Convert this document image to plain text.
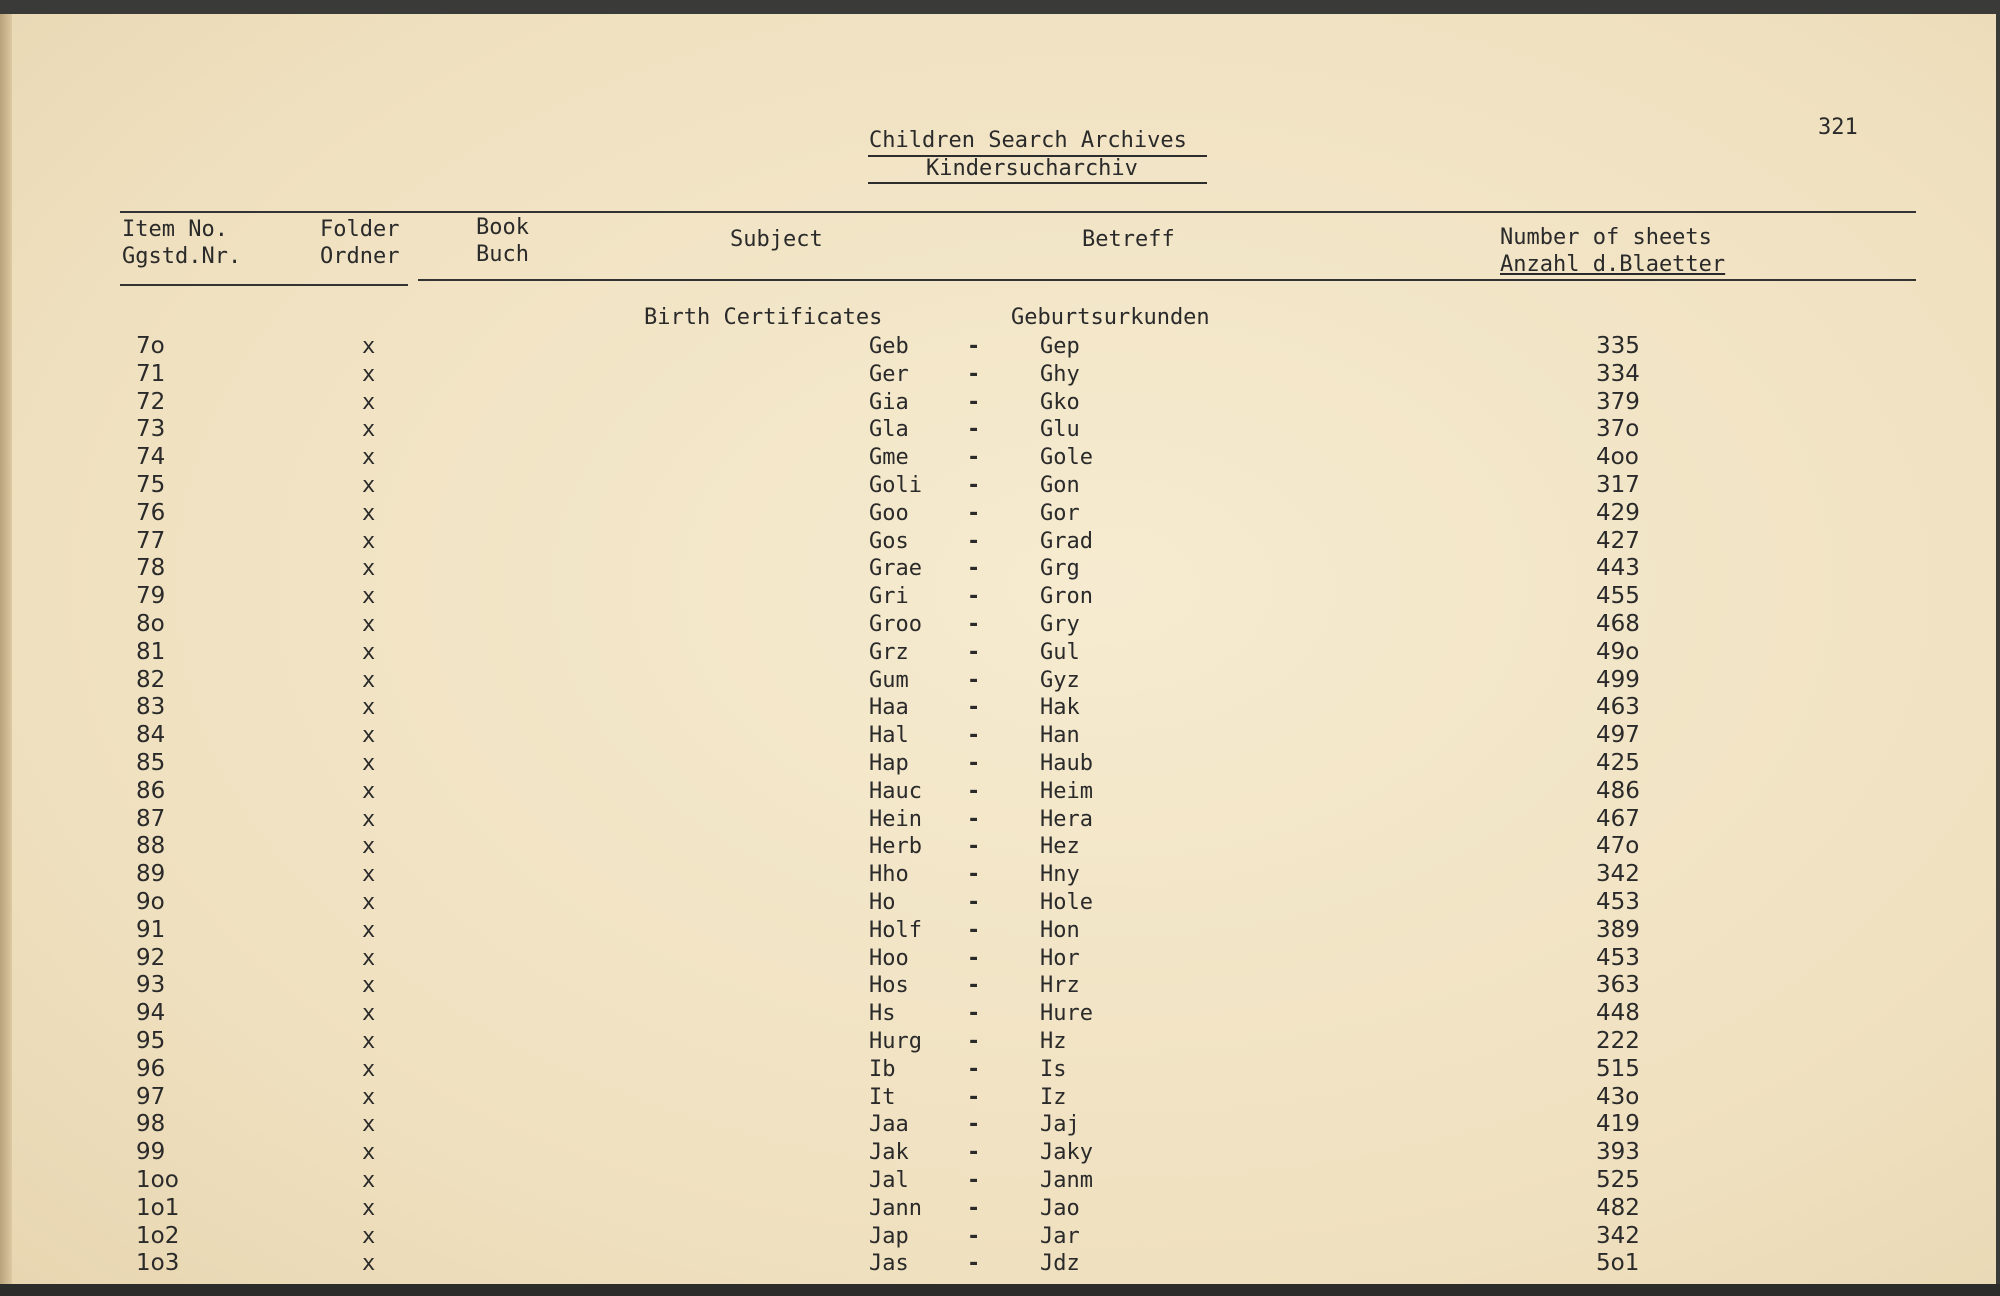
Children Search Archives
Kindersucharchiv
321
Item No.
Ggstd.Nr.
Folder
Ordner
Book
Buch
Subject	Betreff	Number of sheets
Anzahl d.Blaetter
Birth Certificates	Geburtsurkunden
7o	x	Geb	-	Gep	335
71	x	Ger	-	Ghy	334
72	x	Gia	-	Gko	379
73	x	Gla	-	Glu	37o
74	x	Gme	-	Gole	4oo
75	x	Goli -	Gon	317
76	x	Goo	-	Gor	429
77	x	Gos	-	Grad	427
78	x	Grae -	Grg	443
79	x	Gri	-	Gron	455
8o	x	Groo -	Gry	468
81	x	Grz	-	Gul	49o
82	x	Gum	-	Gyz	499
83	x	Haa	-	Hak	463
84	x	Hal	-	Han	497
85	x	Hap	-	Haub	425
86	x	Hauc -	Heim	486
87	x	Hein -	Hera	467
88	x	Herb -	Hez	47o
89	x	Hho	-	Hny	342
9o	x	Ho	-	Hole	453
91	x	Holf -	Hon	389
92	x	Hoo	-	Hor	453
93	x	Hos	-	Hrz	363
94	x	Hs	-	Hure	448
95	x	Hurg -	Hz	222
96	x	Ib	-	Is	515
97	x	It	-	Iz	43o
98	x	Jaa	-	Jaj	419
99	x	Jak	-	Jaky	393
1oo	x	Jal	-	Janm	525
1o1	x	Jann -	Jao	482
1o2	x	Jap	-	Jar	342
1o3	x	Jas	-	Jdz	5o1
